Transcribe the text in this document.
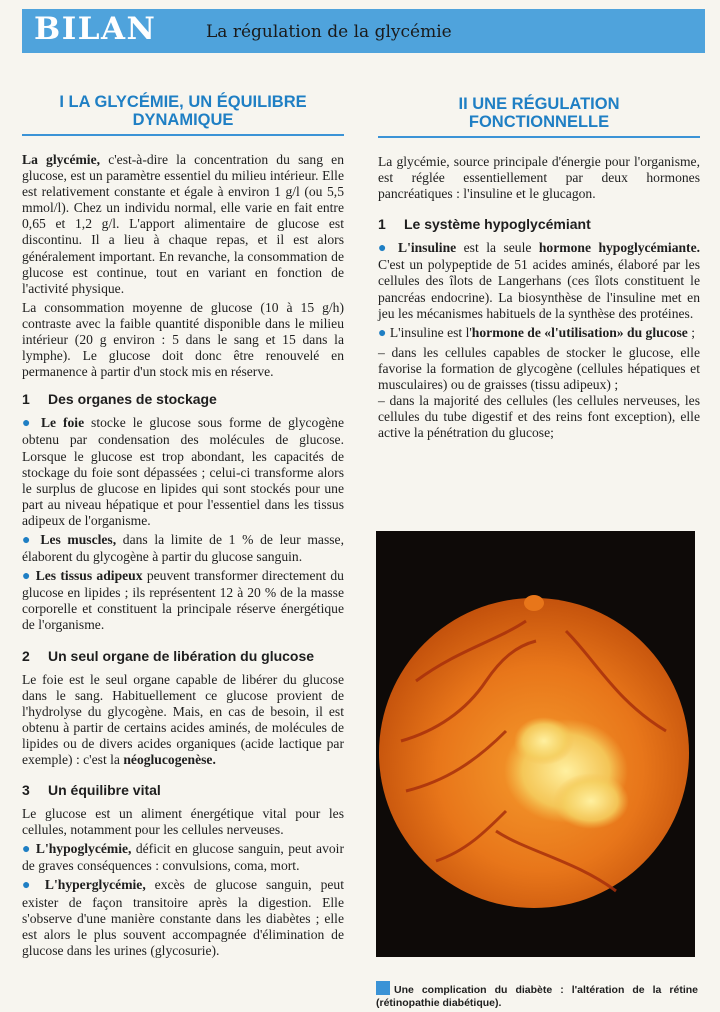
BILAN	La régulation de la glycémie
I LA GLYCÉMIE, UN ÉQUILIBRE
DYNAMIQUE
II UNE RÉGULATION
FONCTIONNELLE

La glycémie, c'est-à-dire la concentration du sang en glucose, est un paramètre essentiel du milieu intérieur. Elle est relativement constante et égale à environ 1 g/l (ou 5,5 mmol/l). Chez un individu normal, elle varie en fait entre 0,65 et 1,2 g/l. L'apport alimentaire de glucose est discontinu. Il a lieu à chaque repas, et il est alors généralement important. En revanche, la consommation de glucose est continue, tout en variant en fonction de l'activité physique.

La consommation moyenne de glucose (10 à 15 g/h) contraste avec la faible quantité disponible dans le milieu intérieur (20 g environ : 5 dans le sang et 15 dans la lymphe). Le glucose doit donc être renouvelé en permanence à partir d'un stock mis en réserve.

1 Des organes de stockage

● Le foie stocke le glucose sous forme de glycogène obtenu par condensation des molécules de glucose. Lorsque le glucose est trop abondant, les capacités de stockage du foie sont dépassées ; celui-ci transforme alors le surplus de glucose en lipides qui sont stockés pour une part au niveau hépatique et pour l'essentiel dans les tissus adipeux de l'organisme.

● Les muscles, dans la limite de 1 % de leur masse, élaborent du glycogène à partir du glucose sanguin.

● Les tissus adipeux peuvent transformer directement du glucose en lipides ; ils représentent 12 à 20 % de la masse corporelle et constituent la principale réserve énergétique de l'organisme.

2 Un seul organe de libération du glucose

Le foie est le seul organe capable de libérer du glucose dans le sang. Habituellement ce glucose provient de l'hydrolyse du glycogène. Mais, en cas de besoin, il est obtenu à partir de certains acides aminés, de molécules de lipides ou de divers acides organiques (acide lactique par exemple) : c'est la néoglucogenèse.

3 Un équilibre vital

Le glucose est un aliment énergétique vital pour les cellules, notamment pour les cellules nerveuses.

● L'hypoglycémie, déficit en glucose sanguin, peut avoir de graves conséquences : convulsions, coma, mort.

● L'hyperglycémie, excès de glucose sanguin, peut exister de façon transitoire après la digestion. Elle s'observe d'une manière constante dans les diabètes ; elle est alors le plus souvent accompagnée d'élimination de glucose dans les urines (glycosurie).

La glycémie, source principale d'énergie pour l'organisme, est réglée essentiellement par deux hormones pancréatiques : l'insuline et le glucagon.

1 Le système hypoglycémiant

● L'insuline est la seule hormone hypoglycémiante. C'est un polypeptide de 51 acides aminés, élaboré par les cellules des îlots de Langerhans (ces îlots constituent le pancréas endocrine). La biosynthèse de l'insuline met en jeu les mécanismes habituels de la synthèse des protéines.

● L'insuline est l'hormone de «l'utilisation» du glucose ;

– dans les cellules capables de stocker le glucose, elle favorise la formation de glycogène (cellules hépatiques et musculaires) ou de graisses (tissu adipeux) ;

– dans la majorité des cellules (les cellules nerveuses, les cellules du tube digestif et des reins font exception), elle active la pénétration du glucose;

Une complication du diabète : l'altération de la rétine (rétinopathie diabétique).
